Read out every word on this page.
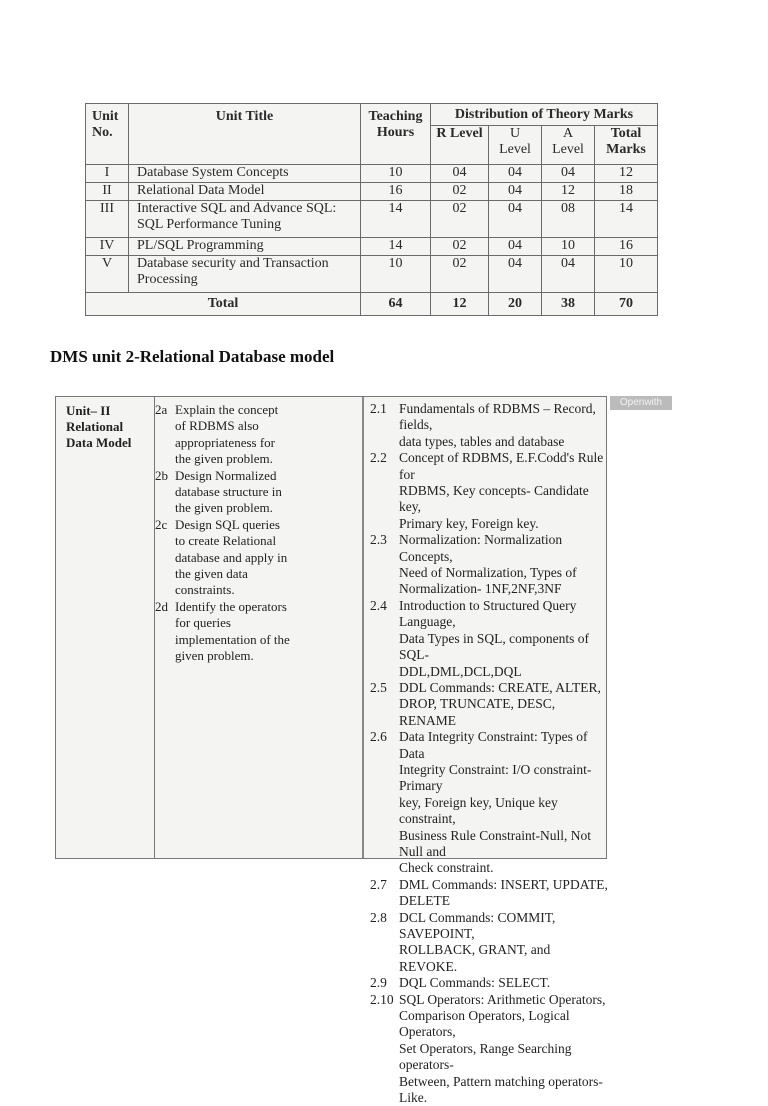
Unit No.	Unit Title	Teaching Hours	Distribution of Theory Marks			
			R Level	U Level	A Level	Total Marks
I	Database System Concepts	10	04	04	04	12
II	Relational Data Model	16	02	04	12	18
III	Interactive SQL and Advance SQL:
SQL Performance Tuning	14	02	04	08	14
IV	PL/SQL Programming	14	02	04	10	16
V	Database security and Transaction
Processing	10	02	04	04	10
Total		64	12	20	38	70
DMS unit 2-Relational Database model
Unit– II
Relational
Data Model
2a Explain the concept
of RDBMS also
appropriateness for
the given problem.
2b Design Normalized
database structure in
the given problem.
2c Design SQL queries
to create Relational
database and apply in
the given data
constraints.
2d Identify the operators
for queries
implementation of the
given problem.
Openwith
2.1 Fundamentals of RDBMS – Record, fields,
data types, tables and database
2.2 Concept of RDBMS, E.F.Codd's Rule for
RDBMS, Key concepts- Candidate key,
Primary key, Foreign key.
2.3 Normalization: Normalization Concepts,
Need of Normalization, Types of
Normalization- 1NF,2NF,3NF
2.4 Introduction to Structured Query Language,
Data Types in SQL, components of SQL-
DDL,DML,DCL,DQL
2.5 DDL Commands: CREATE, ALTER,
DROP, TRUNCATE, DESC, RENAME
2.6 Data Integrity Constraint: Types of Data
Integrity Constraint: I/O constraint- Primary
key, Foreign key, Unique key constraint,
Business Rule Constraint-Null, Not Null and
Check constraint.
2.7 DML Commands: INSERT, UPDATE,
DELETE
2.8 DCL Commands: COMMIT, SAVEPOINT,
ROLLBACK, GRANT, and REVOKE.
2.9 DQL Commands: SELECT.
2.10 SQL Operators: Arithmetic Operators,
Comparison Operators, Logical Operators,
Set Operators, Range Searching operators-
Between, Pattern matching operators-Like.
